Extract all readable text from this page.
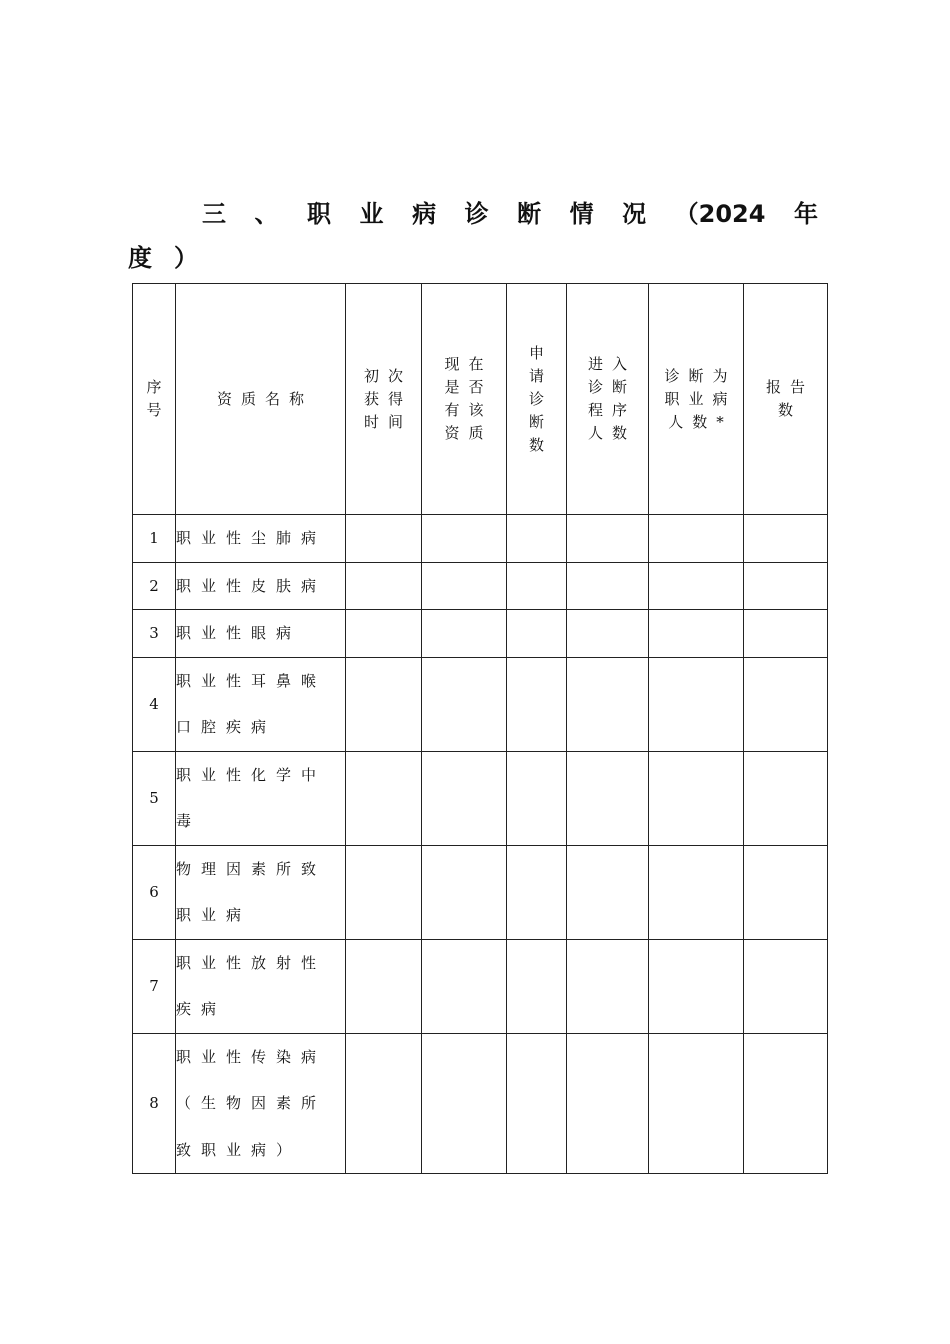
三 、 职 业 病 诊 断 情 况 （2024 年
度 ）
序
号	资质名称	初次
获得
时间	现在
是否
有该
资质	申
请
诊
断
数	进入
诊断
程序
人数	诊断为
职业病
人数*	报告
数

1	职业性尘肺病						

2	职业性皮肤病						

3	职业性眼病						

4	职业性耳鼻喉
口腔疾病						

5	职业性化学中
毒						

6	物理因素所致
职业病						

7	职业性放射性
疾病						

8	职业性传染病
（生物因素所
致职业病）						
